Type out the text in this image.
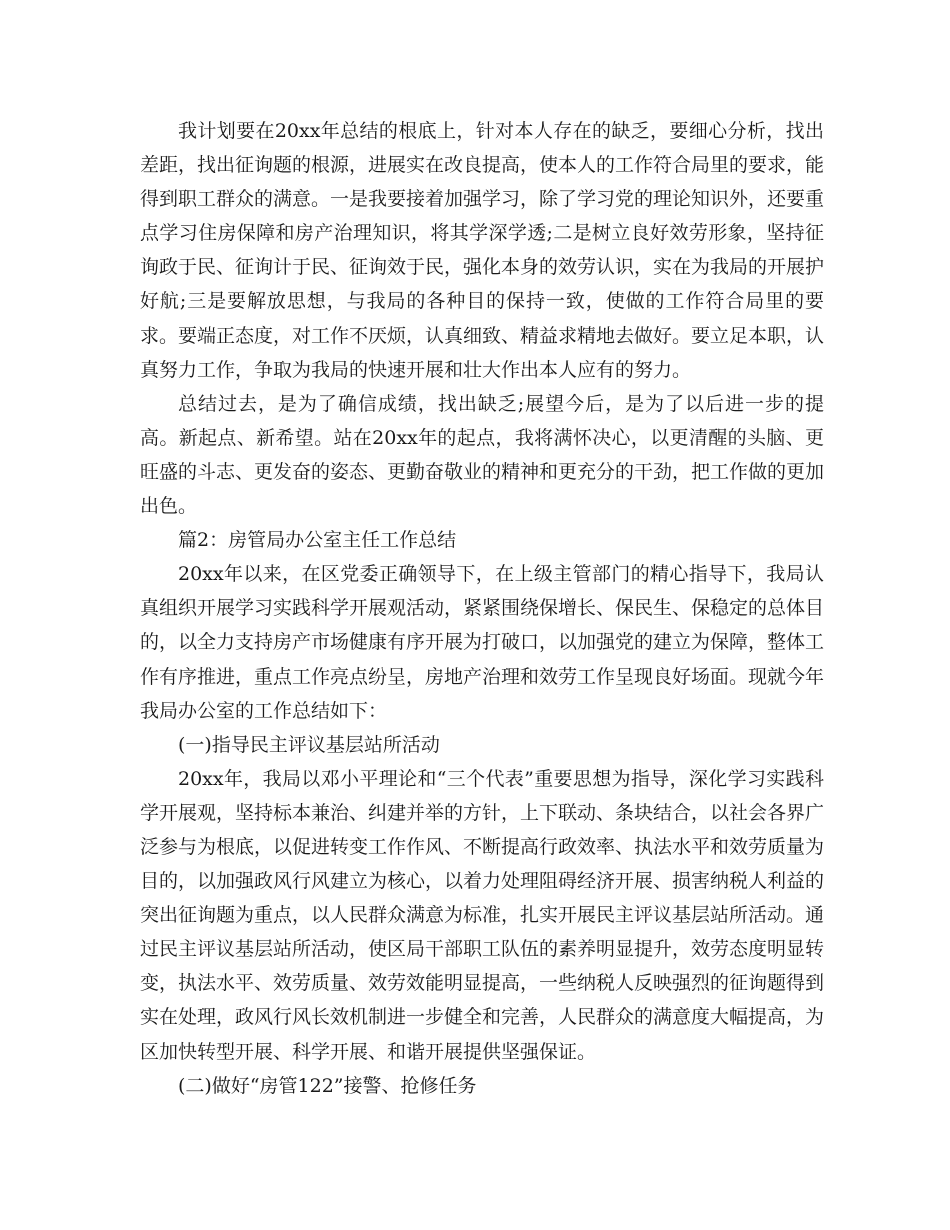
我计划要在20xx年总结的根底上，针对本人存在的缺乏，要细心分析，找出差距，找出征询题的根源，进展实在改良提高，使本人的工作符合局里的要求，能得到职工群众的满意。一是我要接着加强学习，除了学习党的理论知识外，还要重点学习住房保障和房产治理知识，将其学深学透;二是树立良好效劳形象，坚持征询政于民、征询计于民、征询效于民，强化本身的效劳认识，实在为我局的开展护好航;三是要解放思想，与我局的各种目的保持一致，使做的工作符合局里的要求。要端正态度，对工作不厌烦，认真细致、精益求精地去做好。要立足本职，认真努力工作，争取为我局的快速开展和壮大作出本人应有的努力。

总结过去，是为了确信成绩，找出缺乏;展望今后，是为了以后进一步的提高。新起点、新希望。站在20xx年的起点，我将满怀决心，以更清醒的头脑、更旺盛的斗志、更发奋的姿态、更勤奋敬业的精神和更充分的干劲，把工作做的更加出色。

篇2：房管局办公室主任工作总结

20xx年以来，在区党委正确领导下，在上级主管部门的精心指导下，我局认真组织开展学习实践科学开展观活动，紧紧围绕保增长、保民生、保稳定的总体目的，以全力支持房产市场健康有序开展为打破口，以加强党的建立为保障，整体工作有序推进，重点工作亮点纷呈，房地产治理和效劳工作呈现良好场面。现就今年我局办公室的工作总结如下：

(一)指导民主评议基层站所活动

20xx年，我局以邓小平理论和“三个代表”重要思想为指导，深化学习实践科学开展观，坚持标本兼治、纠建并举的方针，上下联动、条块结合，以社会各界广泛参与为根底，以促进转变工作作风、不断提高行政效率、执法水平和效劳质量为目的，以加强政风行风建立为核心，以着力处理阻碍经济开展、损害纳税人利益的突出征询题为重点，以人民群众满意为标准，扎实开展民主评议基层站所活动。通过民主评议基层站所活动，使区局干部职工队伍的素养明显提升，效劳态度明显转变，执法水平、效劳质量、效劳效能明显提高，一些纳税人反映强烈的征询题得到实在处理，政风行风长效机制进一步健全和完善，人民群众的满意度大幅提高，为区加快转型开展、科学开展、和谐开展提供坚强保证。

(二)做好“房管122”接警、抢修任务
